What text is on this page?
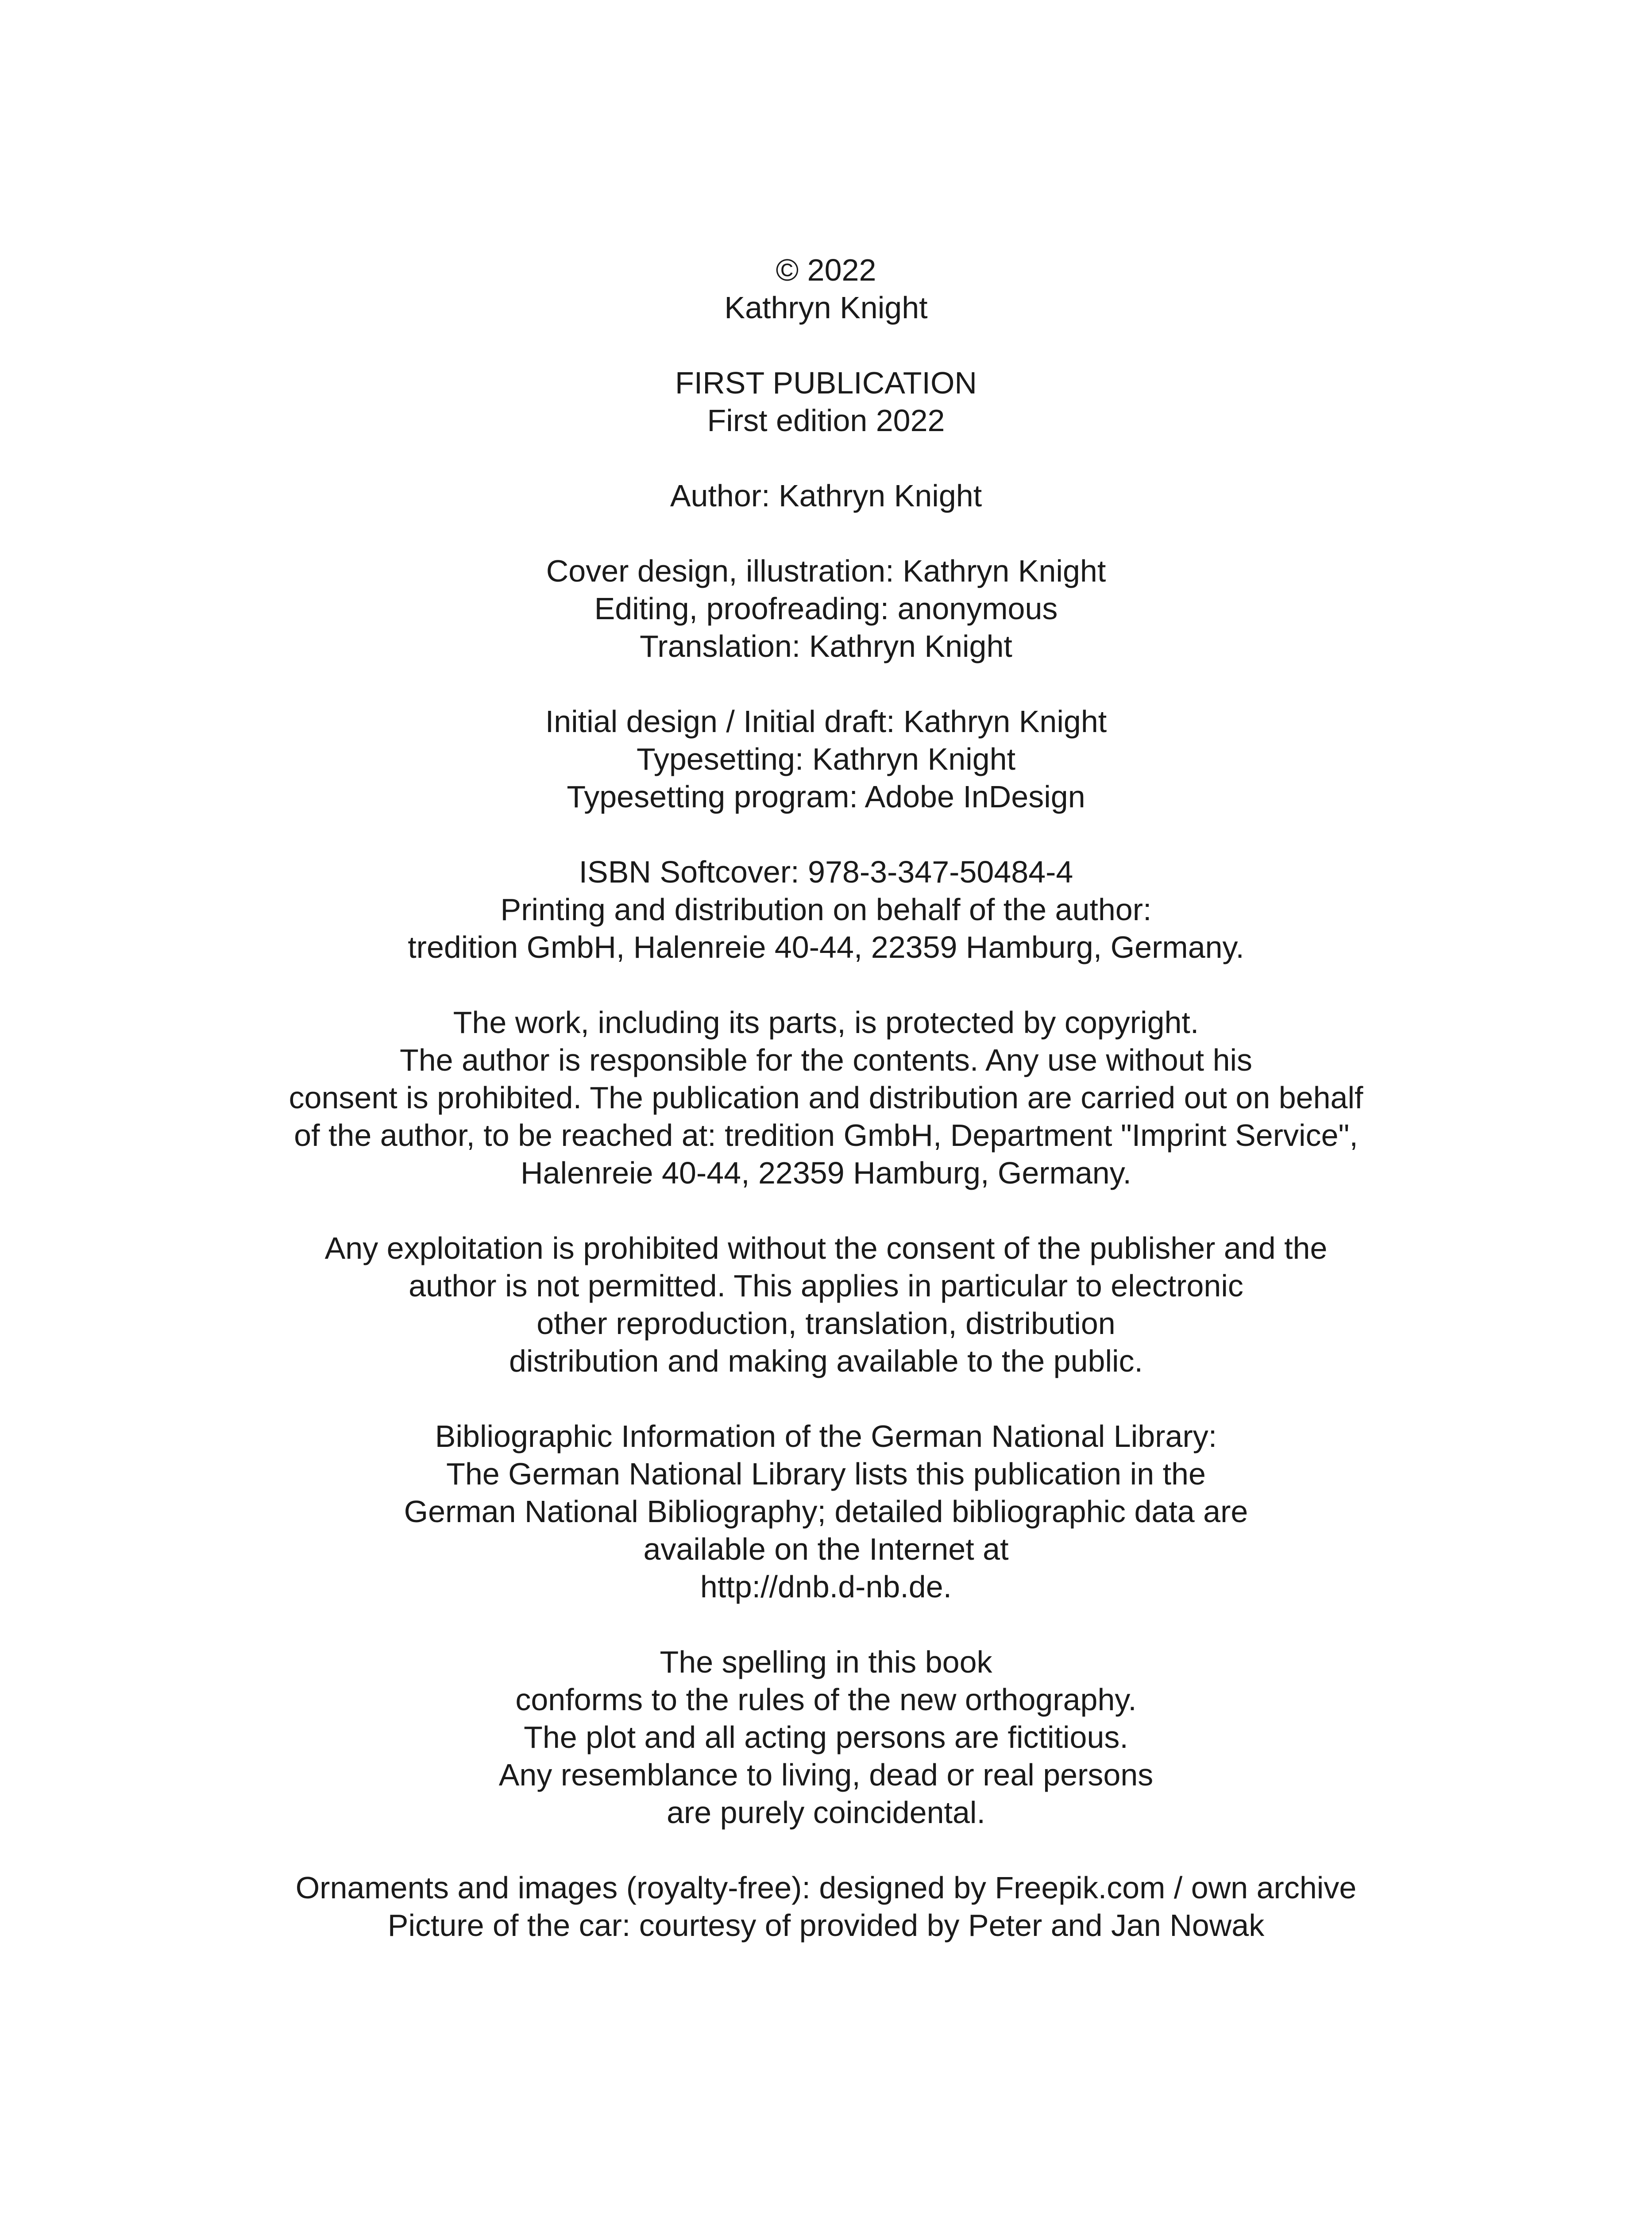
© 2022
Kathryn Knight
FIRST PUBLICATION
First edition 2022
Author: Kathryn Knight
Cover design, illustration: Kathryn Knight
Editing, proofreading: anonymous
Translation: Kathryn Knight
Initial design / Initial draft: Kathryn Knight
Typesetting: Kathryn Knight
Typesetting program: Adobe InDesign
ISBN Softcover: 978-3-347-50484-4
Printing and distribution on behalf of the author:
tredition GmbH, Halenreie 40-44, 22359 Hamburg, Germany.
The work, including its parts, is protected by copyright.
The author is responsible for the contents. Any use without his
consent is prohibited. The publication and distribution are carried out on behalf
of the author, to be reached at: tredition GmbH, Department "Imprint Service",
Halenreie 40-44, 22359 Hamburg, Germany.
Any exploitation is prohibited without the consent of the publisher and the
author is not permitted. This applies in particular to electronic
other reproduction, translation, distribution
distribution and making available to the public.
Bibliographic Information of the German National Library:
The German National Library lists this publication in the
German National Bibliography; detailed bibliographic data are
available on the Internet at
http://dnb.d-nb.de.
The spelling in this book
conforms to the rules of the new orthography.
The plot and all acting persons are fictitious.
Any resemblance to living, dead or real persons
are purely coincidental.
Ornaments and images (royalty-free): designed by Freepik.com / own archive
Picture of the car: courtesy of provided by Peter and Jan Nowak
